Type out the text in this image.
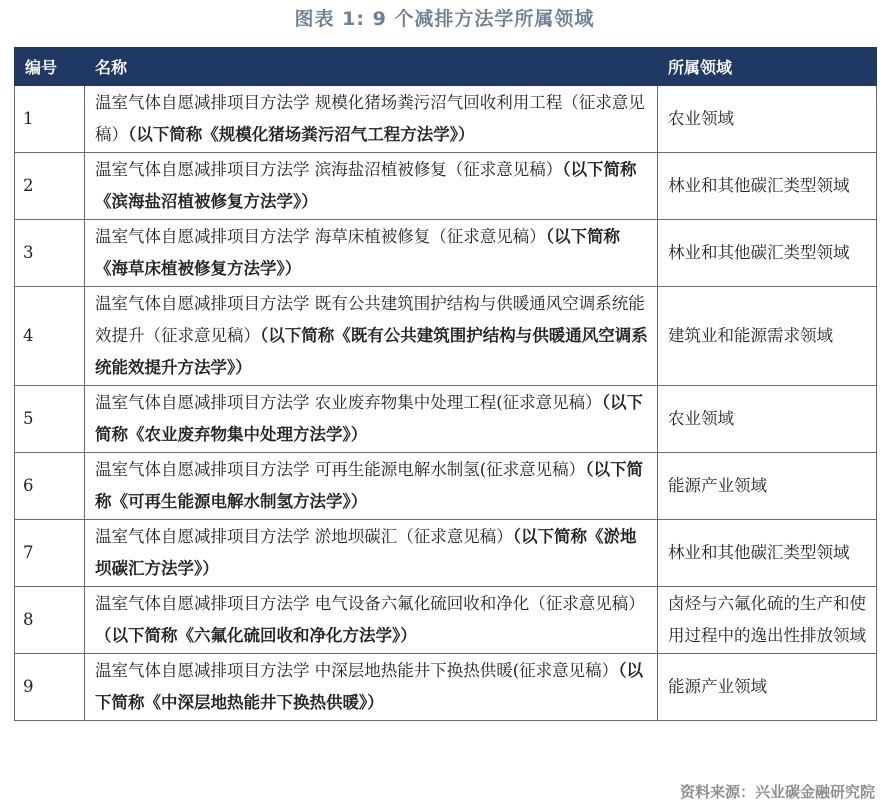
图表 1: 9 个减排方法学所属领域
编号	名称	所属领域
1	温室气体自愿减排项目方法学 规模化猪场粪污沼气回收利用工程（征求意见稿）（以下简称《规模化猪场粪污沼气工程方法学》）	农业领域
2	温室气体自愿减排项目方法学 滨海盐沼植被修复（征求意见稿）（以下简称《滨海盐沼植被修复方法学》）	林业和其他碳汇类型领域
3	温室气体自愿减排项目方法学 海草床植被修复（征求意见稿）（以下简称《海草床植被修复方法学》）	林业和其他碳汇类型领域
4	温室气体自愿减排项目方法学 既有公共建筑围护结构与供暖通风空调系统能效提升（征求意见稿）（以下简称《既有公共建筑围护结构与供暖通风空调系统能效提升方法学》）	建筑业和能源需求领域
5	温室气体自愿减排项目方法学 农业废弃物集中处理工程(征求意见稿）（以下简称《农业废弃物集中处理方法学》）	农业领域
6	温室气体自愿减排项目方法学 可再生能源电解水制氢(征求意见稿）（以下简称《可再生能源电解水制氢方法学》）	能源产业领域
7	温室气体自愿减排项目方法学 淤地坝碳汇（征求意见稿）（以下简称《淤地坝碳汇方法学》）	林业和其他碳汇类型领域
8	温室气体自愿减排项目方法学 电气设备六氟化硫回收和净化（征求意见稿）（以下简称《六氟化硫回收和净化方法学》）	卤烃与六氟化硫的生产和使用过程中的逸出性排放领域
9	温室气体自愿减排项目方法学 中深层地热能井下换热供暖(征求意见稿）（以下简称《中深层地热能井下换热供暖》）	能源产业领域
资料来源：兴业碳金融研究院
